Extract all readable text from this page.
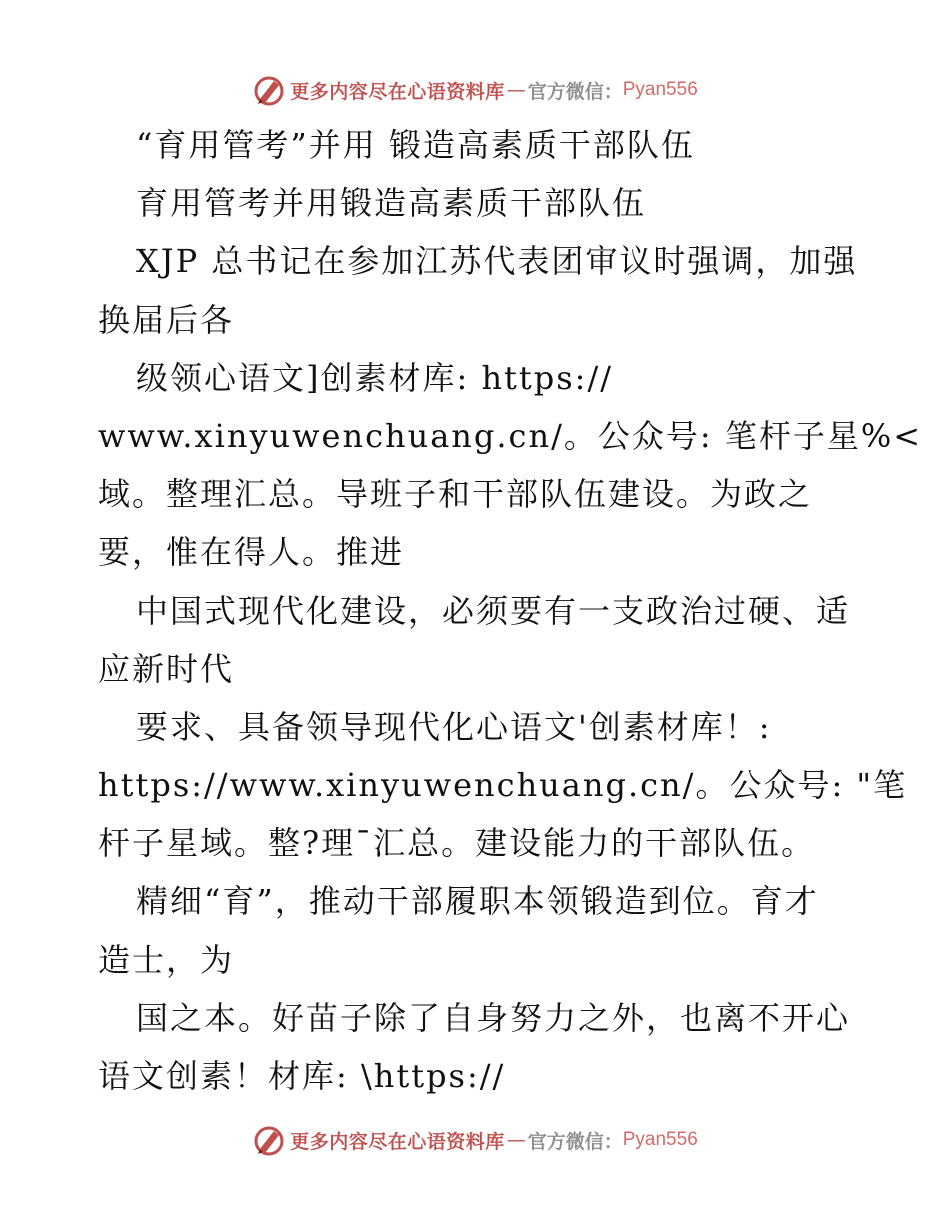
更多内容尽在心语资料库 — 官方微信： Pyan556
“育用管考”并用 锻造高素质干部队伍
育用管考并用锻造高素质干部队伍
XJP 总书记在参加江苏代表团审议时强调，加强
换届后各
级领心语文]创素材库: https://
www.xinyuwenchuang.cn/。公众号: 笔杆子星%<
域。整理汇总。导班子和干部队伍建设。为政之
要，惟在得人。推进
中国式现代化建设，必须要有一支政治过硬、适
应新时代
要求、具备领导现代化心语文'创素材库！:
https://www.xinyuwenchuang.cn/。公众号: "笔
杆子星域。整?理¯汇总。建设能力的干部队伍。
精细“育”，推动干部履职本领锻造到位。育才
造士，为
国之本。好苗子除了自身努力之外，也离不开心
语文创素！材库: \https://
更多内容尽在心语资料库 — 官方微信： Pyan556
